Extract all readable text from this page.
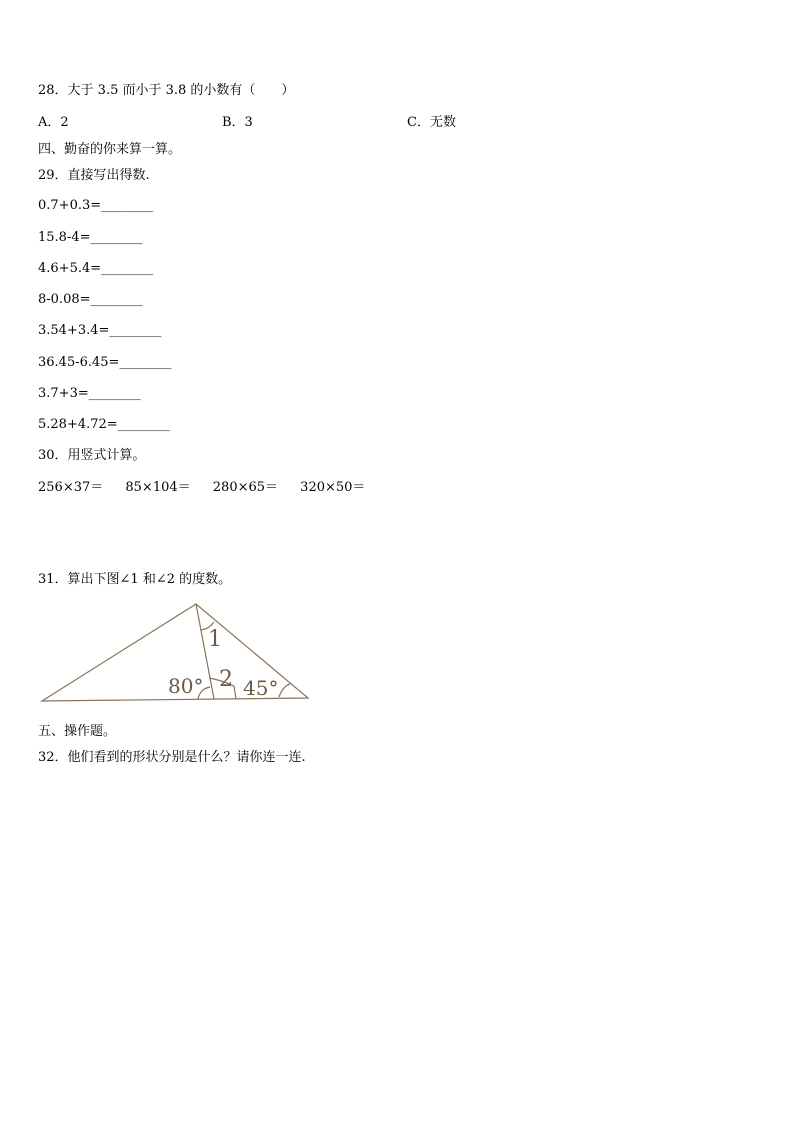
28．大于 3.5 而小于 3.8 的小数有（　　）
A．2	B．3	C．无数
四、勤奋的你来算一算。
29．直接写出得数.
0.7+0.3=________
15.8-4=________
4.6+5.4=________
8-0.08=________
3.54+3.4=________
36.45-6.45=________
3.7+3=________
5.28+4.72=________
30．用竖式计算。
256×37＝ 85×104＝ 280×65＝ 320×50＝
31．算出下图∠1 和∠2 的度数。
1
2
80° 45°
五、操作题。
32．他们看到的形状分别是什么？请你连一连.
